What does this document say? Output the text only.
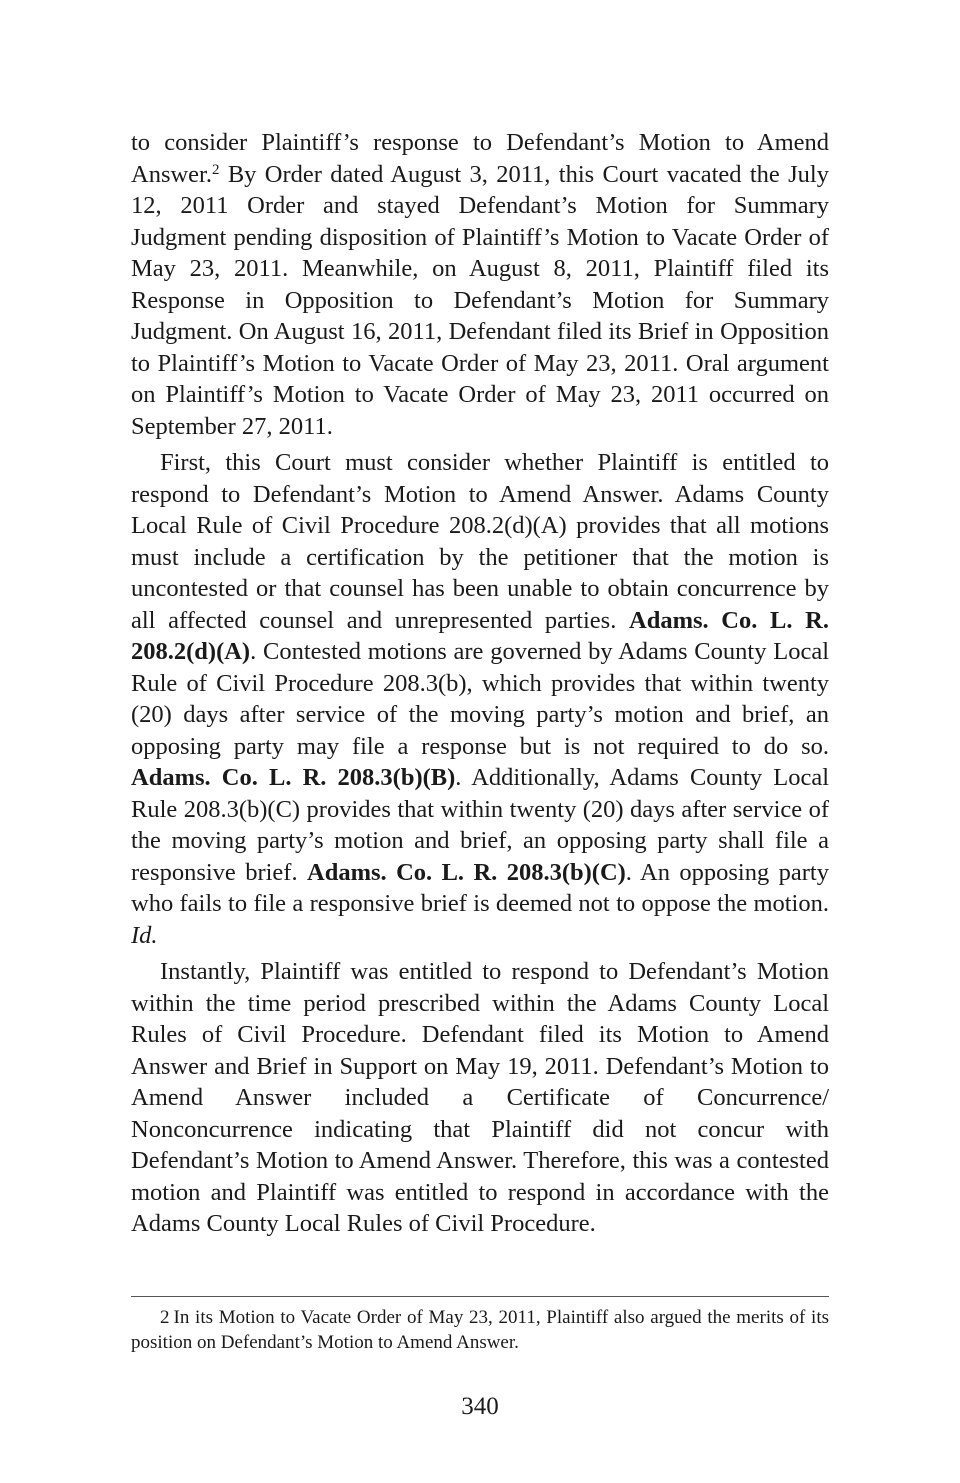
to consider Plaintiff’s response to Defendant’s Motion to Amend Answer.$^2$ By Order dated August 3, 2011, this Court vacated the July 12, 2011 Order and stayed Defendant’s Motion for Summary Judgment pending disposition of Plaintiff’s Motion to Vacate Order of May 23, 2011. Meanwhile, on August 8, 2011, Plaintiff filed its Response in Opposition to Defendant’s Motion for Summary Judgment. On August 16, 2011, Defendant filed its Brief in Opposition to Plaintiff’s Motion to Vacate Order of May 23, 2011. Oral argument on Plaintiff’s Motion to Vacate Order of May 23, 2011 occurred on September 27, 2011.

First, this Court must consider whether Plaintiff is entitled to respond to Defendant’s Motion to Amend Answer. Adams County Local Rule of Civil Procedure 208.2(d)(A) provides that all motions must include a certification by the petitioner that the motion is uncontested or that counsel has been unable to obtain concurrence by all affected counsel and unrepresented parties. Adams. Co. L. R. 208.2(d)(A). Contested motions are governed by Adams County Local Rule of Civil Procedure 208.3(b), which provides that within twenty (20) days after service of the moving party’s motion and brief, an opposing party may file a response but is not required to do so. Adams. Co. L. R. 208.3(b)(B). Additionally, Adams County Local Rule 208.3(b)(C) provides that within twenty (20) days after service of the moving party’s motion and brief, an opposing party shall file a responsive brief. Adams. Co. L. R. 208.3(b)(C). An opposing party who fails to file a responsive brief is deemed not to oppose the motion. Id.

Instantly, Plaintiff was entitled to respond to Defendant’s Motion within the time period prescribed within the Adams County Local Rules of Civil Procedure. Defendant filed its Motion to Amend Answer and Brief in Support on May 19, 2011. Defendant’s Motion to Amend Answer included a Certificate of Concurrence/ Nonconcurrence indicating that Plaintiff did not concur with Defendant’s Motion to Amend Answer. Therefore, this was a contested motion and Plaintiff was entitled to respond in accordance with the Adams County Local Rules of Civil Procedure.

2 In its Motion to Vacate Order of May 23, 2011, Plaintiff also argued the merits of its position on Defendant’s Motion to Amend Answer.

340
